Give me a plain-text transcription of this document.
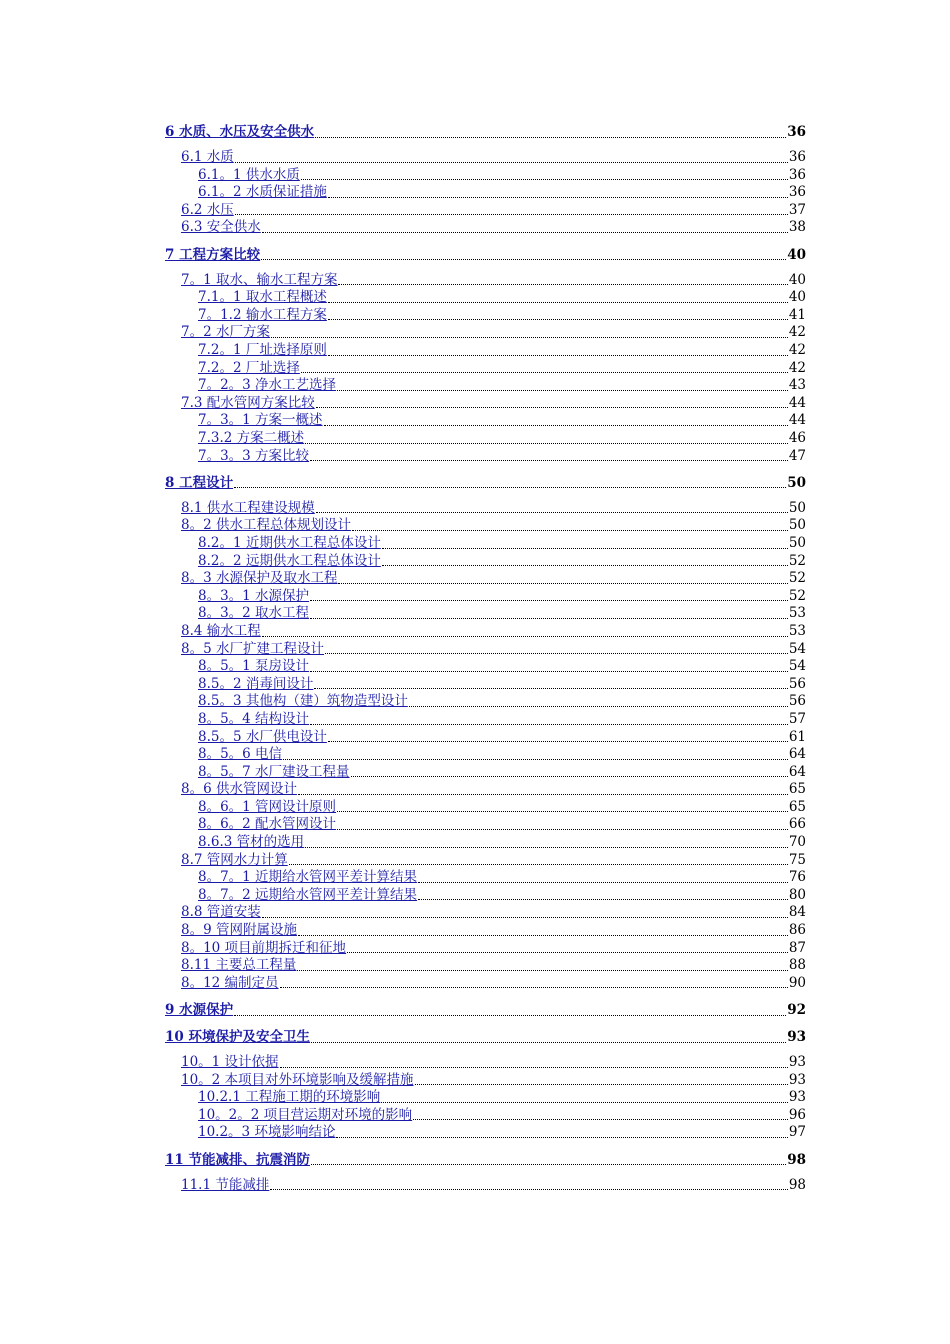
6 水质、水压及安全供水	36
6.1 水质	36
6.1。1 供水水质	36
6.1。2 水质保证措施	36
6.2 水压	37
6.3 安全供水	38
7 工程方案比较	40
7。1 取水、输水工程方案	40
7.1。1 取水工程概述	40
7。1.2 输水工程方案	41
7。2 水厂方案	42
7.2。1 厂址选择原则	42
7.2。2 厂址选择	42
7。2。3 净水工艺选择	43
7.3 配水管网方案比较	44
7。3。1 方案一概述	44
7.3.2 方案二概述	46
7。3。3 方案比较	47
8 工程设计	50
8.1 供水工程建设规模	50
8。2 供水工程总体规划设计	50
8.2。1 近期供水工程总体设计	50
8.2。2 远期供水工程总体设计	52
8。3 水源保护及取水工程	52
8。3。1 水源保护	52
8。3。2 取水工程	53
8.4 输水工程	53
8。5 水厂扩建工程设计	54
8。5。1 泵房设计	54
8.5。2 消毒间设计	56
8.5。3 其他构（建）筑物造型设计	56
8。5。4 结构设计	57
8.5。5 水厂供电设计	61
8。5。6 电信	64
8。5。7 水厂建设工程量	64
8。6 供水管网设计	65
8。6。1 管网设计原则	65
8。6。2 配水管网设计	66
8.6.3 管材的选用	70
8.7 管网水力计算	75
8。7。1 近期给水管网平差计算结果	76
8。7。2 远期给水管网平差计算结果	80
8.8 管道安装	84
8。9 管网附属设施	86
8。10 项目前期拆迁和征地	87
8.11 主要总工程量	88
8。12 编制定员	90
9 水源保护	92
10 环境保护及安全卫生	93
10。1 设计依据	93
10。2 本项目对外环境影响及缓解措施	93
10.2.1 工程施工期的环境影响	93
10。2。2 项目营运期对环境的影响	96
10.2。3 环境影响结论	97
11 节能减排、抗震消防	98
11.1 节能减排	98
